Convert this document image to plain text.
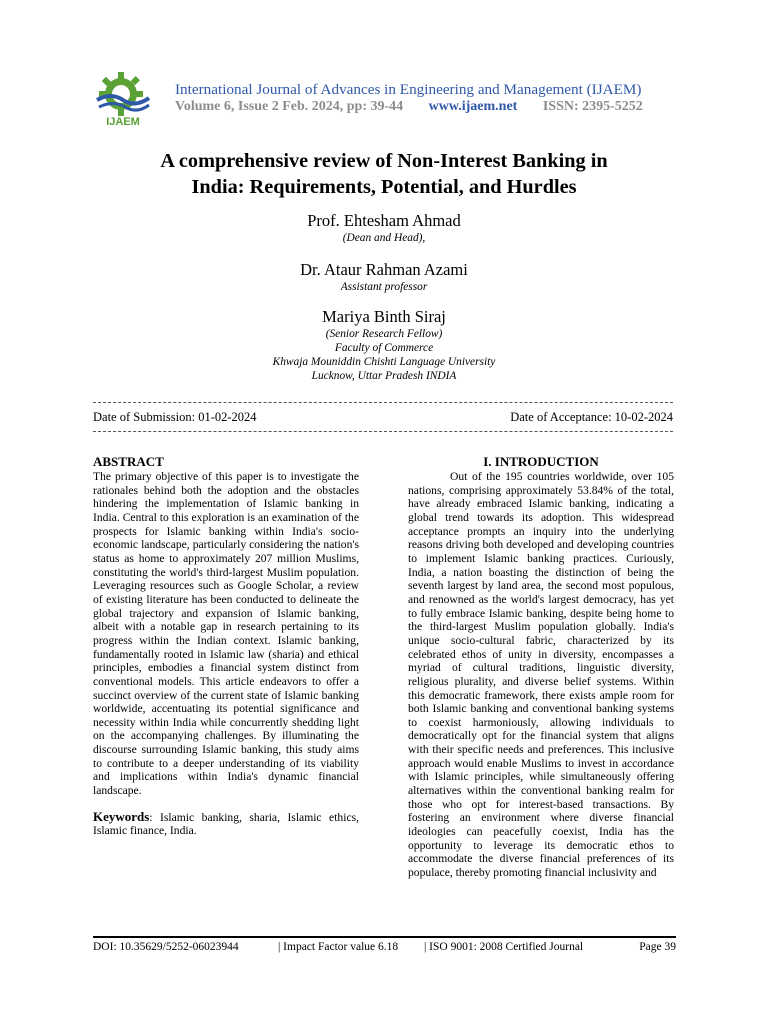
IJAEM
International Journal of Advances in Engineering and Management (IJAEM)
Volume 6, Issue 2 Feb. 2024, pp: 39-44 www.ijaem.net ISSN: 2395-5252
A comprehensive review of Non-Interest Banking in
India: Requirements, Potential, and Hurdles
Prof. Ehtesham Ahmad
(Dean and Head),
Dr. Ataur Rahman Azami
Assistant professor
Mariya Binth Siraj
(Senior Research Fellow)
Faculty of Commerce
Khwaja Mouniddin Chishti Language University
Lucknow, Uttar Pradesh INDIA
Date of Submission: 01-02-2024	Date of Acceptance: 10-02-2024
ABSTRACT

The primary objective of this paper is to investigate the rationales behind both the adoption and the obstacles hindering the implementation of Islamic banking in India. Central to this exploration is an examination of the prospects for Islamic banking within India's socio-economic landscape, particularly considering the nation's status as home to approximately 207 million Muslims, constituting the world's third-largest Muslim population. Leveraging resources such as Google Scholar, a review of existing literature has been conducted to delineate the global trajectory and expansion of Islamic banking, albeit with a notable gap in research pertaining to its progress within the Indian context. Islamic banking, fundamentally rooted in Islamic law (sharia) and ethical principles, embodies a financial system distinct from conventional models. This article endeavors to offer a succinct overview of the current state of Islamic banking worldwide, accentuating its potential significance and necessity within India while concurrently shedding light on the accompanying challenges. By illuminating the discourse surrounding Islamic banking, this study aims to contribute to a deeper understanding of its viability and implications within India's dynamic financial landscape.

Keywords: Islamic banking, sharia, Islamic ethics, Islamic finance, India.
I. INTRODUCTION

Out of the 195 countries worldwide, over 105 nations, comprising approximately 53.84% of the total, have already embraced Islamic banking, indicating a global trend towards its adoption. This widespread acceptance prompts an inquiry into the underlying reasons driving both developed and developing countries to implement Islamic banking practices. Curiously, India, a nation boasting the distinction of being the seventh largest by land area, the second most populous, and renowned as the world's largest democracy, has yet to fully embrace Islamic banking, despite being home to the third-largest Muslim population globally. India's unique socio-cultural fabric, characterized by its celebrated ethos of unity in diversity, encompasses a myriad of cultural traditions, linguistic diversity, religious plurality, and diverse belief systems. Within this democratic framework, there exists ample room for both Islamic banking and conventional banking systems to coexist harmoniously, allowing individuals to democratically opt for the financial system that aligns with their specific needs and preferences. This inclusive approach would enable Muslims to invest in accordance with Islamic principles, while simultaneously offering alternatives within the conventional banking realm for those who opt for interest-based transactions. By fostering an environment where diverse financial ideologies can peacefully coexist, India has the opportunity to leverage its democratic ethos to accommodate the diverse financial preferences of its populace, thereby promoting financial inclusivity and

DOI: 10.35629/5252-06023944	| Impact Factor value 6.18 | ISO 9001: 2008 Certified Journal	Page 39
